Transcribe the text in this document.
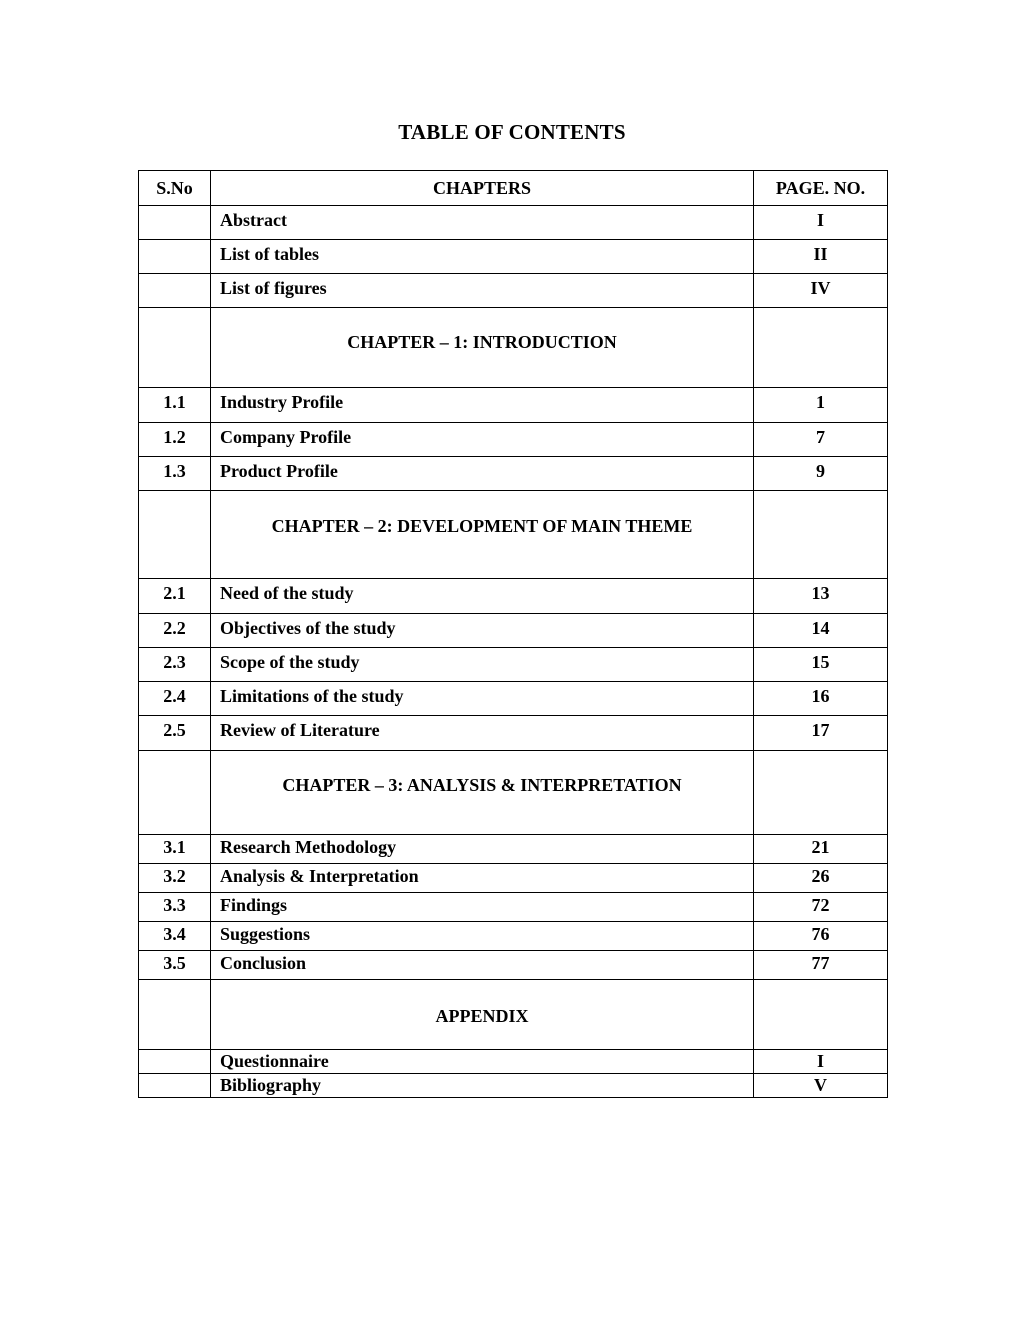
TABLE OF CONTENTS
S.No	CHAPTERS	PAGE. NO.
	Abstract	I
	List of tables	II
	List of figures	IV
	CHAPTER – 1: INTRODUCTION	
1.1	Industry Profile	1
1.2	Company Profile	7
1.3	Product Profile	9
	CHAPTER – 2: DEVELOPMENT OF MAIN THEME	
2.1	Need of the study	13
2.2	Objectives of the study	14
2.3	Scope of the study	15
2.4	Limitations of the study	16
2.5	Review of Literature	17
	CHAPTER – 3: ANALYSIS & INTERPRETATION	
3.1	Research Methodology	21
3.2	Analysis & Interpretation	26
3.3	Findings	72
3.4	Suggestions	76
3.5	Conclusion	77
	APPENDIX	
	Questionnaire	I
	Bibliography	V
